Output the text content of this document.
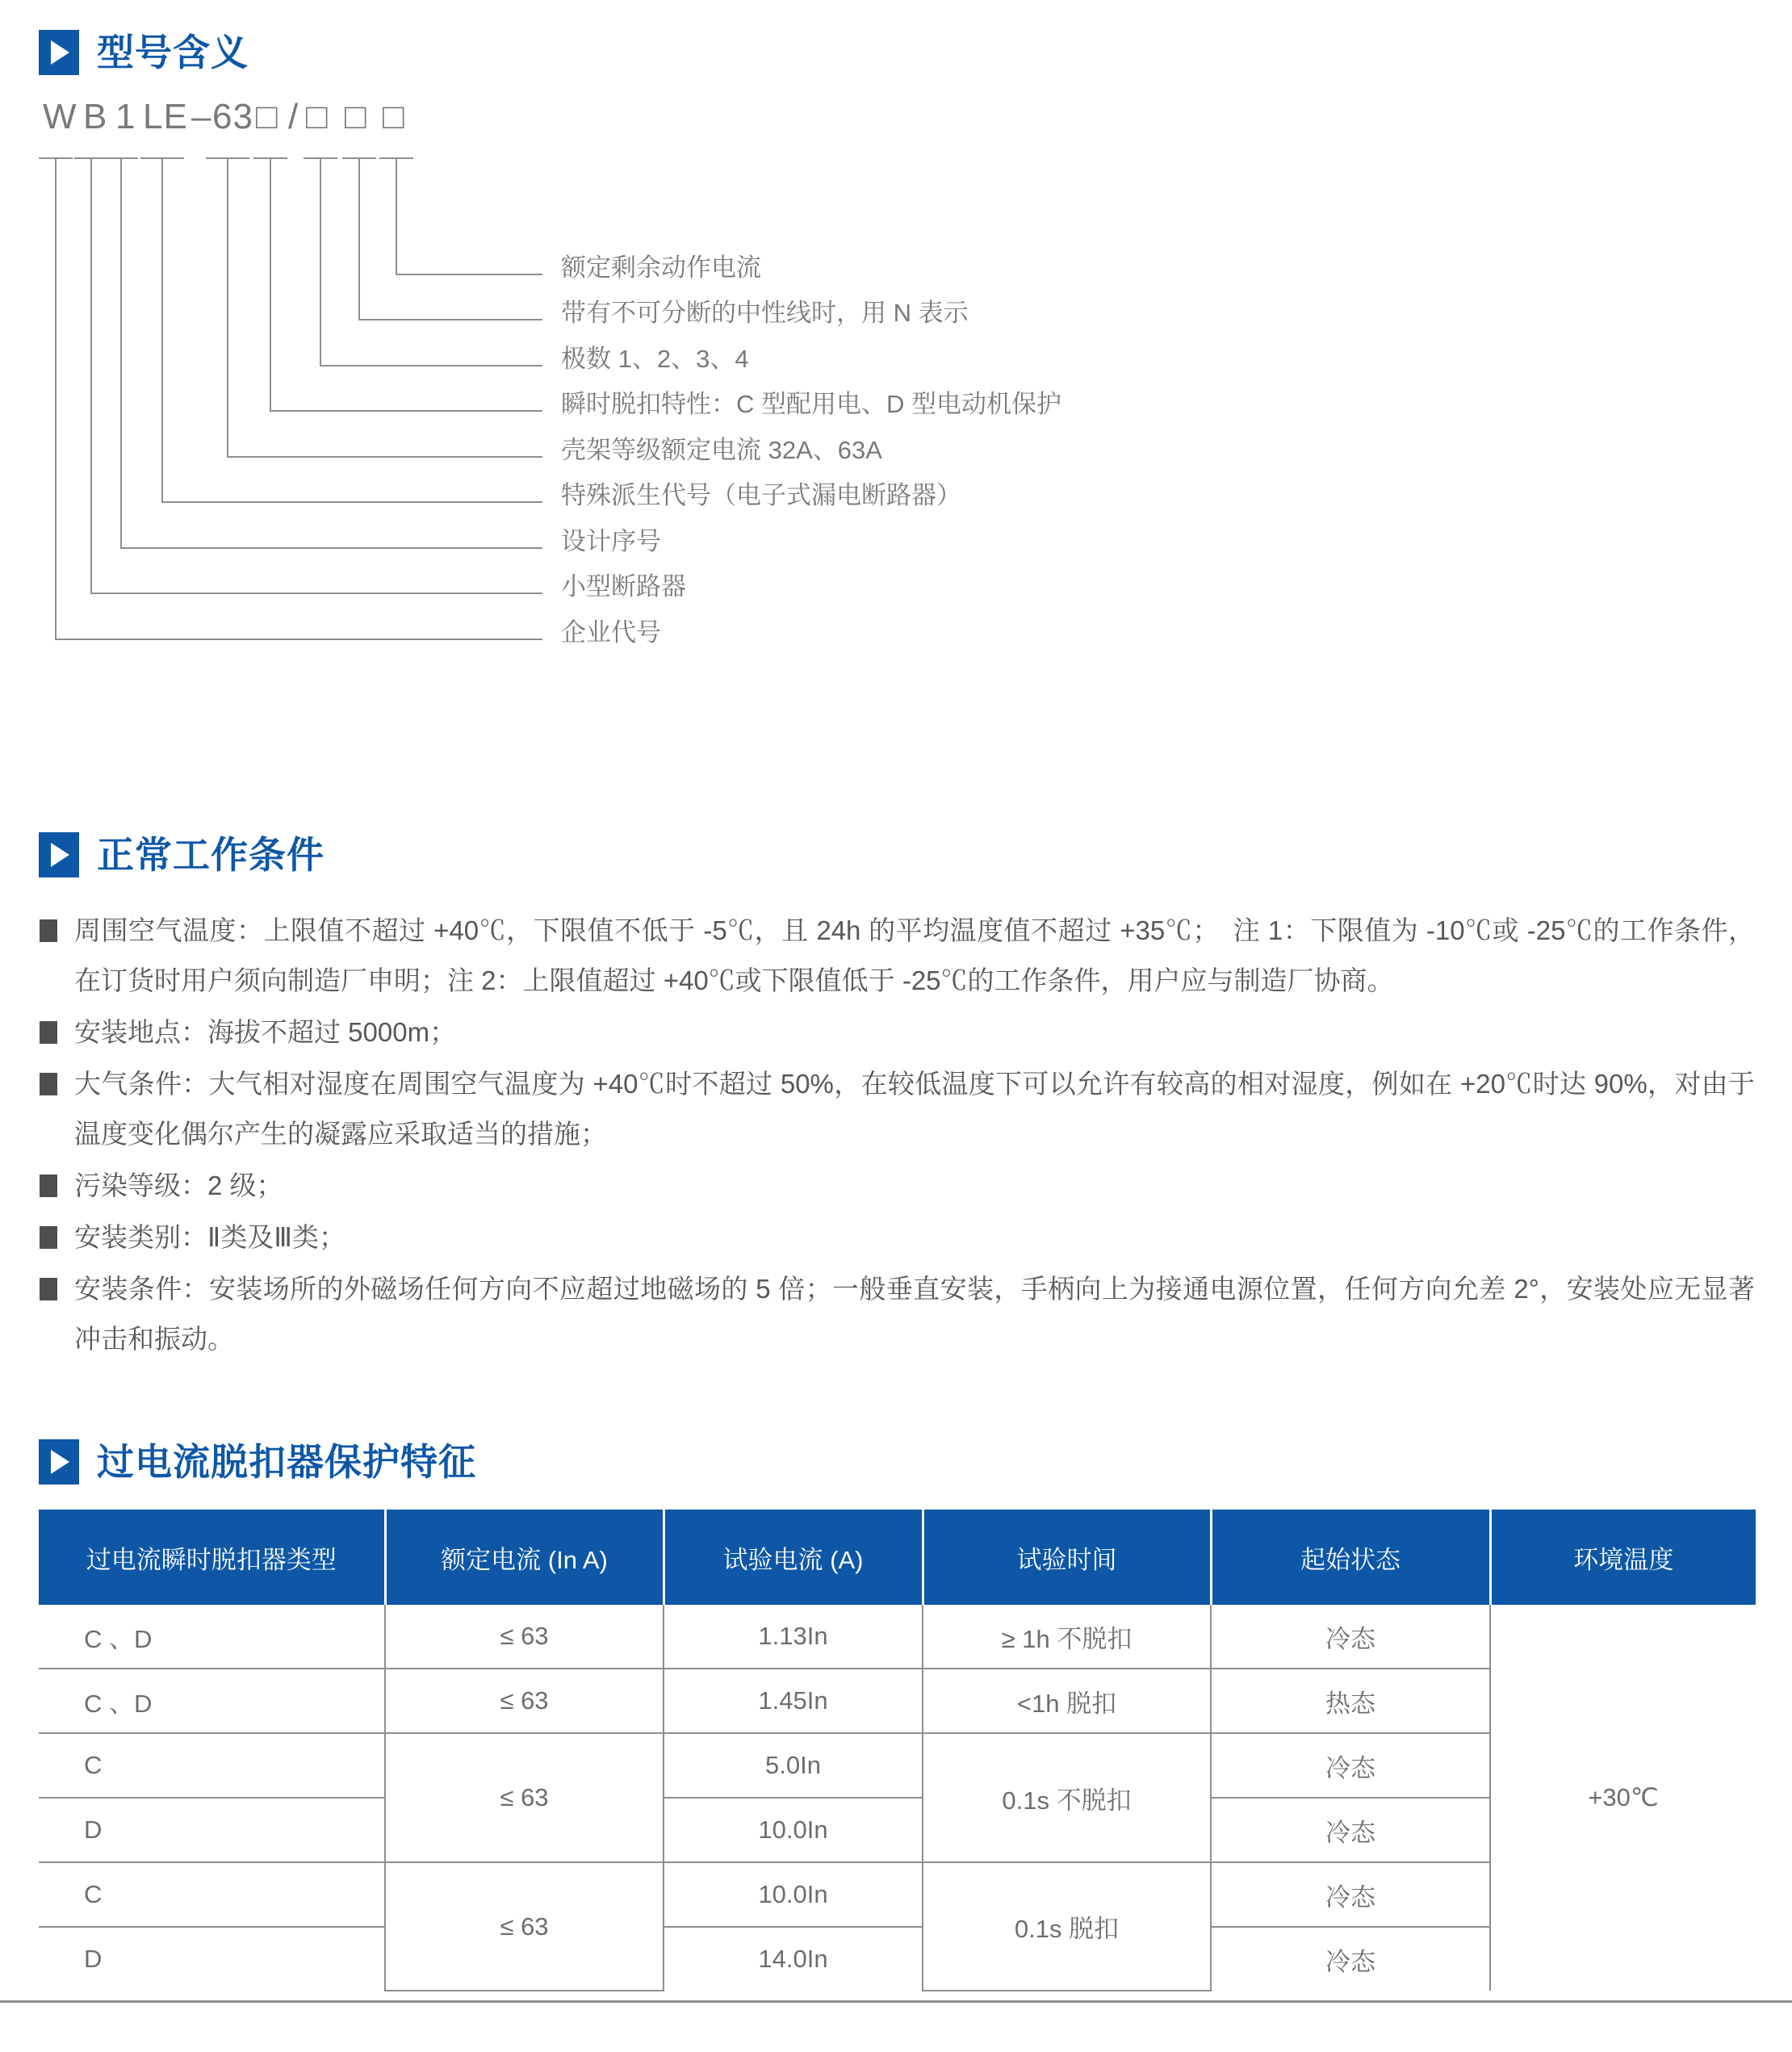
型号含义
W B 1 LE – 63 □ / □ □ □
额定剩余动作电流
带有不可分断的中性线时，用 N 表示
极数 1、2、3、4
瞬时脱扣特性：C 型配用电、D 型电动机保护
壳架等级额定电流 32A、63A
特殊派生代号（电子式漏电断路器）
设计序号
小型断路器
企业代号
正常工作条件
周围空气温度：上限值不超过 +40℃，下限值不低于 -5℃，且 24h 的平均温度值不超过 +35℃；　注 1：下限值为 -10℃或 -25℃的工作条件，在订货时用户须向制造厂申明；注 2：上限值超过 +40℃或下限值低于 -25℃的工作条件，用户应与制造厂协商。
安装地点：海拔不超过 5000m；
大气条件：大气相对湿度在周围空气温度为 +40℃时不超过 50%，在较低温度下可以允许有较高的相对湿度，例如在 +20℃时达 90%，对由于温度变化偶尔产生的凝露应采取适当的措施；
污染等级：2 级；
安装类别：Ⅱ类及Ⅲ类；
安装条件：安装场所的外磁场任何方向不应超过地磁场的 5 倍；一般垂直安装，手柄向上为接通电源位置，任何方向允差 2°，安装处应无显著冲击和振动。
过电流脱扣器保护特征
过电流瞬时脱扣器类型	额定电流 (In A)	试验电流 (A)	试验时间	起始状态	环境温度
C 、D	≤ 63	1.13In	≥ 1h 不脱扣	冷态	+30℃
C 、D	≤ 63	1.45In	<1h 脱扣	热态	
C	≤ 63	5.0In	0.1s 不脱扣	冷态	
D		10.0In		冷态	
C	≤ 63	10.0In	0.1s 脱扣	冷态	
D		14.0In		冷态	
